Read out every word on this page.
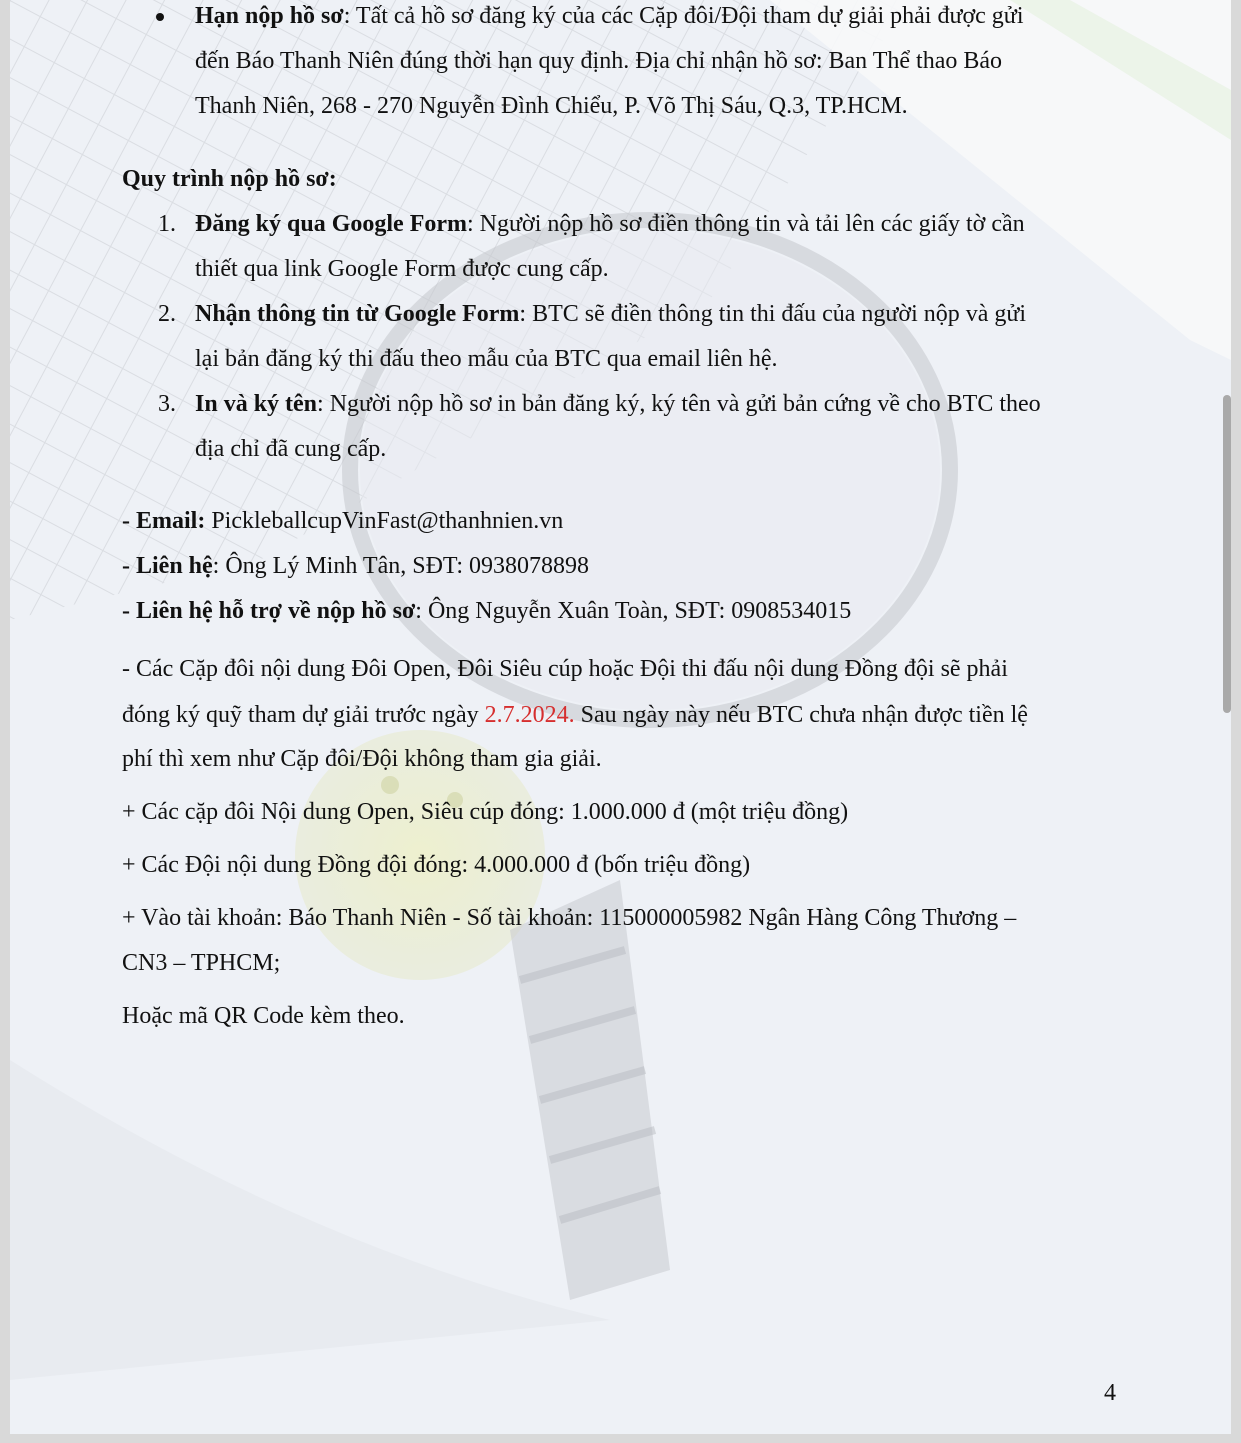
Hạn nộp hồ sơ: Tất cả hồ sơ đăng ký của các Cặp đôi/Đội tham dự giải phải được gửi
đến Báo Thanh Niên đúng thời hạn quy định. Địa chỉ nhận hồ sơ: Ban Thể thao Báo
Thanh Niên, 268 - 270 Nguyễn Đình Chiểu, P. Võ Thị Sáu, Q.3, TP.HCM.
Quy trình nộp hồ sơ:
1. Đăng ký qua Google Form: Người nộp hồ sơ điền thông tin và tải lên các giấy tờ cần
thiết qua link Google Form được cung cấp.
2. Nhận thông tin từ Google Form: BTC sẽ điền thông tin thi đấu của người nộp và gửi
lại bản đăng ký thi đấu theo mẫu của BTC qua email liên hệ.
3. In và ký tên: Người nộp hồ sơ in bản đăng ký, ký tên và gửi bản cứng về cho BTC theo
địa chỉ đã cung cấp.
- Email: PickleballcupVinFast@thanhnien.vn
- Liên hệ: Ông Lý Minh Tân, SĐT: 0938078898
- Liên hệ hỗ trợ về nộp hồ sơ: Ông Nguyễn Xuân Toàn, SĐT: 0908534015
- Các Cặp đôi nội dung Đôi Open, Đôi Siêu cúp hoặc Đội thi đấu nội dung Đồng đội sẽ phải
đóng ký quỹ tham dự giải trước ngày 2.7.2024. Sau ngày này nếu BTC chưa nhận được tiền lệ
phí thì xem như Cặp đôi/Đội không tham gia giải.
+ Các cặp đôi Nội dung Open, Siêu cúp đóng: 1.000.000 đ (một triệu đồng)
+ Các Đội nội dung Đồng đội đóng: 4.000.000 đ (bốn triệu đồng)
+ Vào tài khoản: Báo Thanh Niên - Số tài khoản: 115000005982 Ngân Hàng Công Thương –
CN3 – TPHCM;
Hoặc mã QR Code kèm theo.
4
